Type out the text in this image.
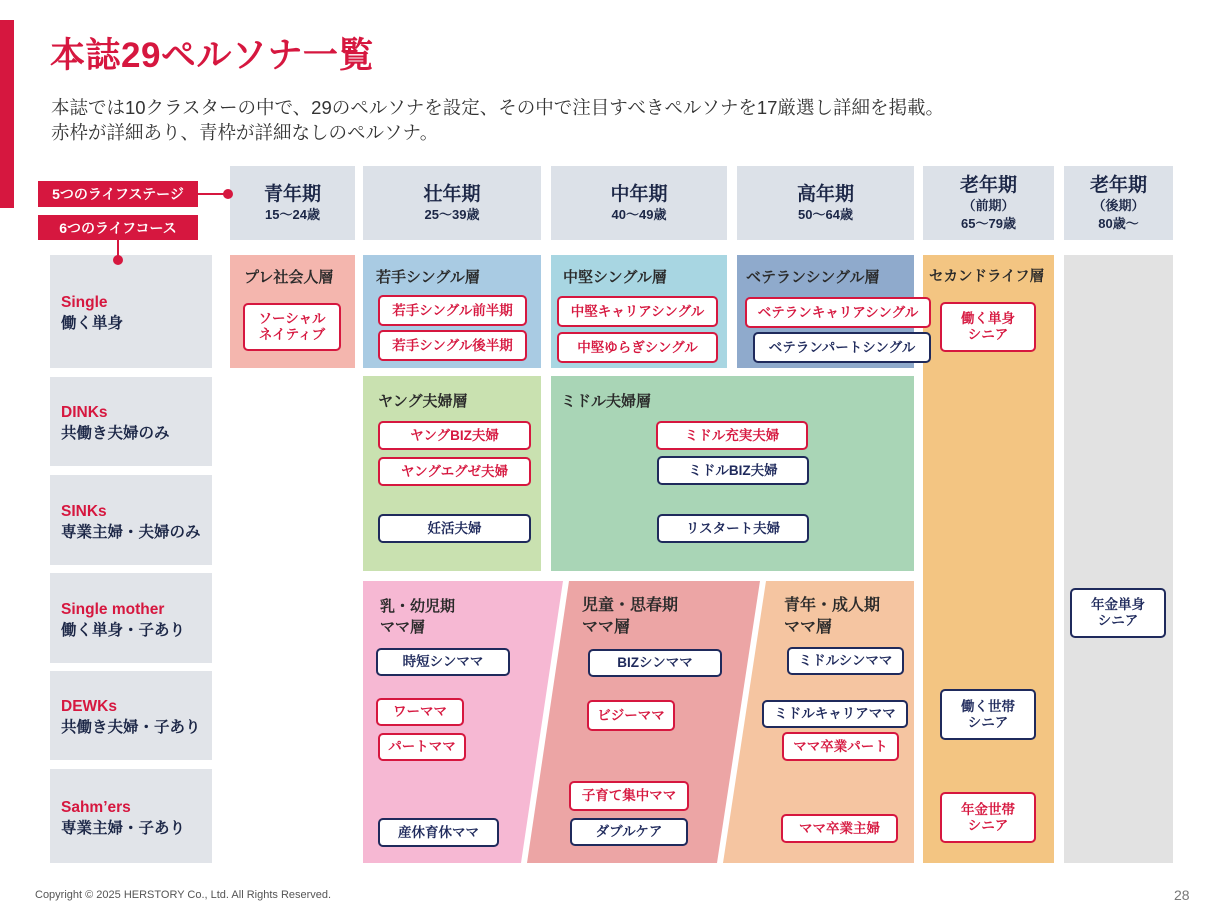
本誌29ペルソナ一覧
本誌では10クラスターの中で、29のペルソナを設定、その中で注目すべきペルソナを17厳選し詳細を掲載。
赤枠が詳細あり、青枠が詳細なしのペルソナ。
5つのライフステージ
6つのライフコース
青年期
15〜24歳
壮年期
25〜39歳
中年期
40〜49歳
高年期
50〜64歳
老年期
（前期）
65〜79歳
老年期
（後期）
80歳〜
Single
働く単身
DINKs
共働き夫婦のみ
SINKs
専業主婦・夫婦のみ
Single mother
働く単身・子あり
DEWKs
共働き夫婦・子あり
Sahm’ers
専業主婦・子あり
プレ社会人層	若手シングル層	中堅シングル層	ベテランシングル層	セカンドライフ層
ヤング夫婦層	ミドル夫婦層
乳・幼児期
ママ層
児童・思春期
ママ層
青年・成人期
ママ層
ソーシャル
ネイティブ
若手シングル前半期
若手シングル後半期
中堅キャリアシングル
中堅ゆらぎシングル
ベテランキャリアシングル
ベテランパートシングル
働く単身
シニア
働く世帯
シニア
年金世帯
シニア
ヤングBIZ夫婦
ヤングエグゼ夫婦
妊活夫婦
ミドル充実夫婦
ミドルBIZ夫婦
リスタート夫婦
時短シンママ
ワーママ
パートママ
産休育休ママ
BIZシンママ
ビジーママ
子育て集中ママ
ダブルケア
ミドルシンママ
ミドルキャリアママ
ママ卒業パート
ママ卒業主婦
年金単身
シニア
Copyright © 2025 HERSTORY Co., Ltd. All Rights Reserved.	28
